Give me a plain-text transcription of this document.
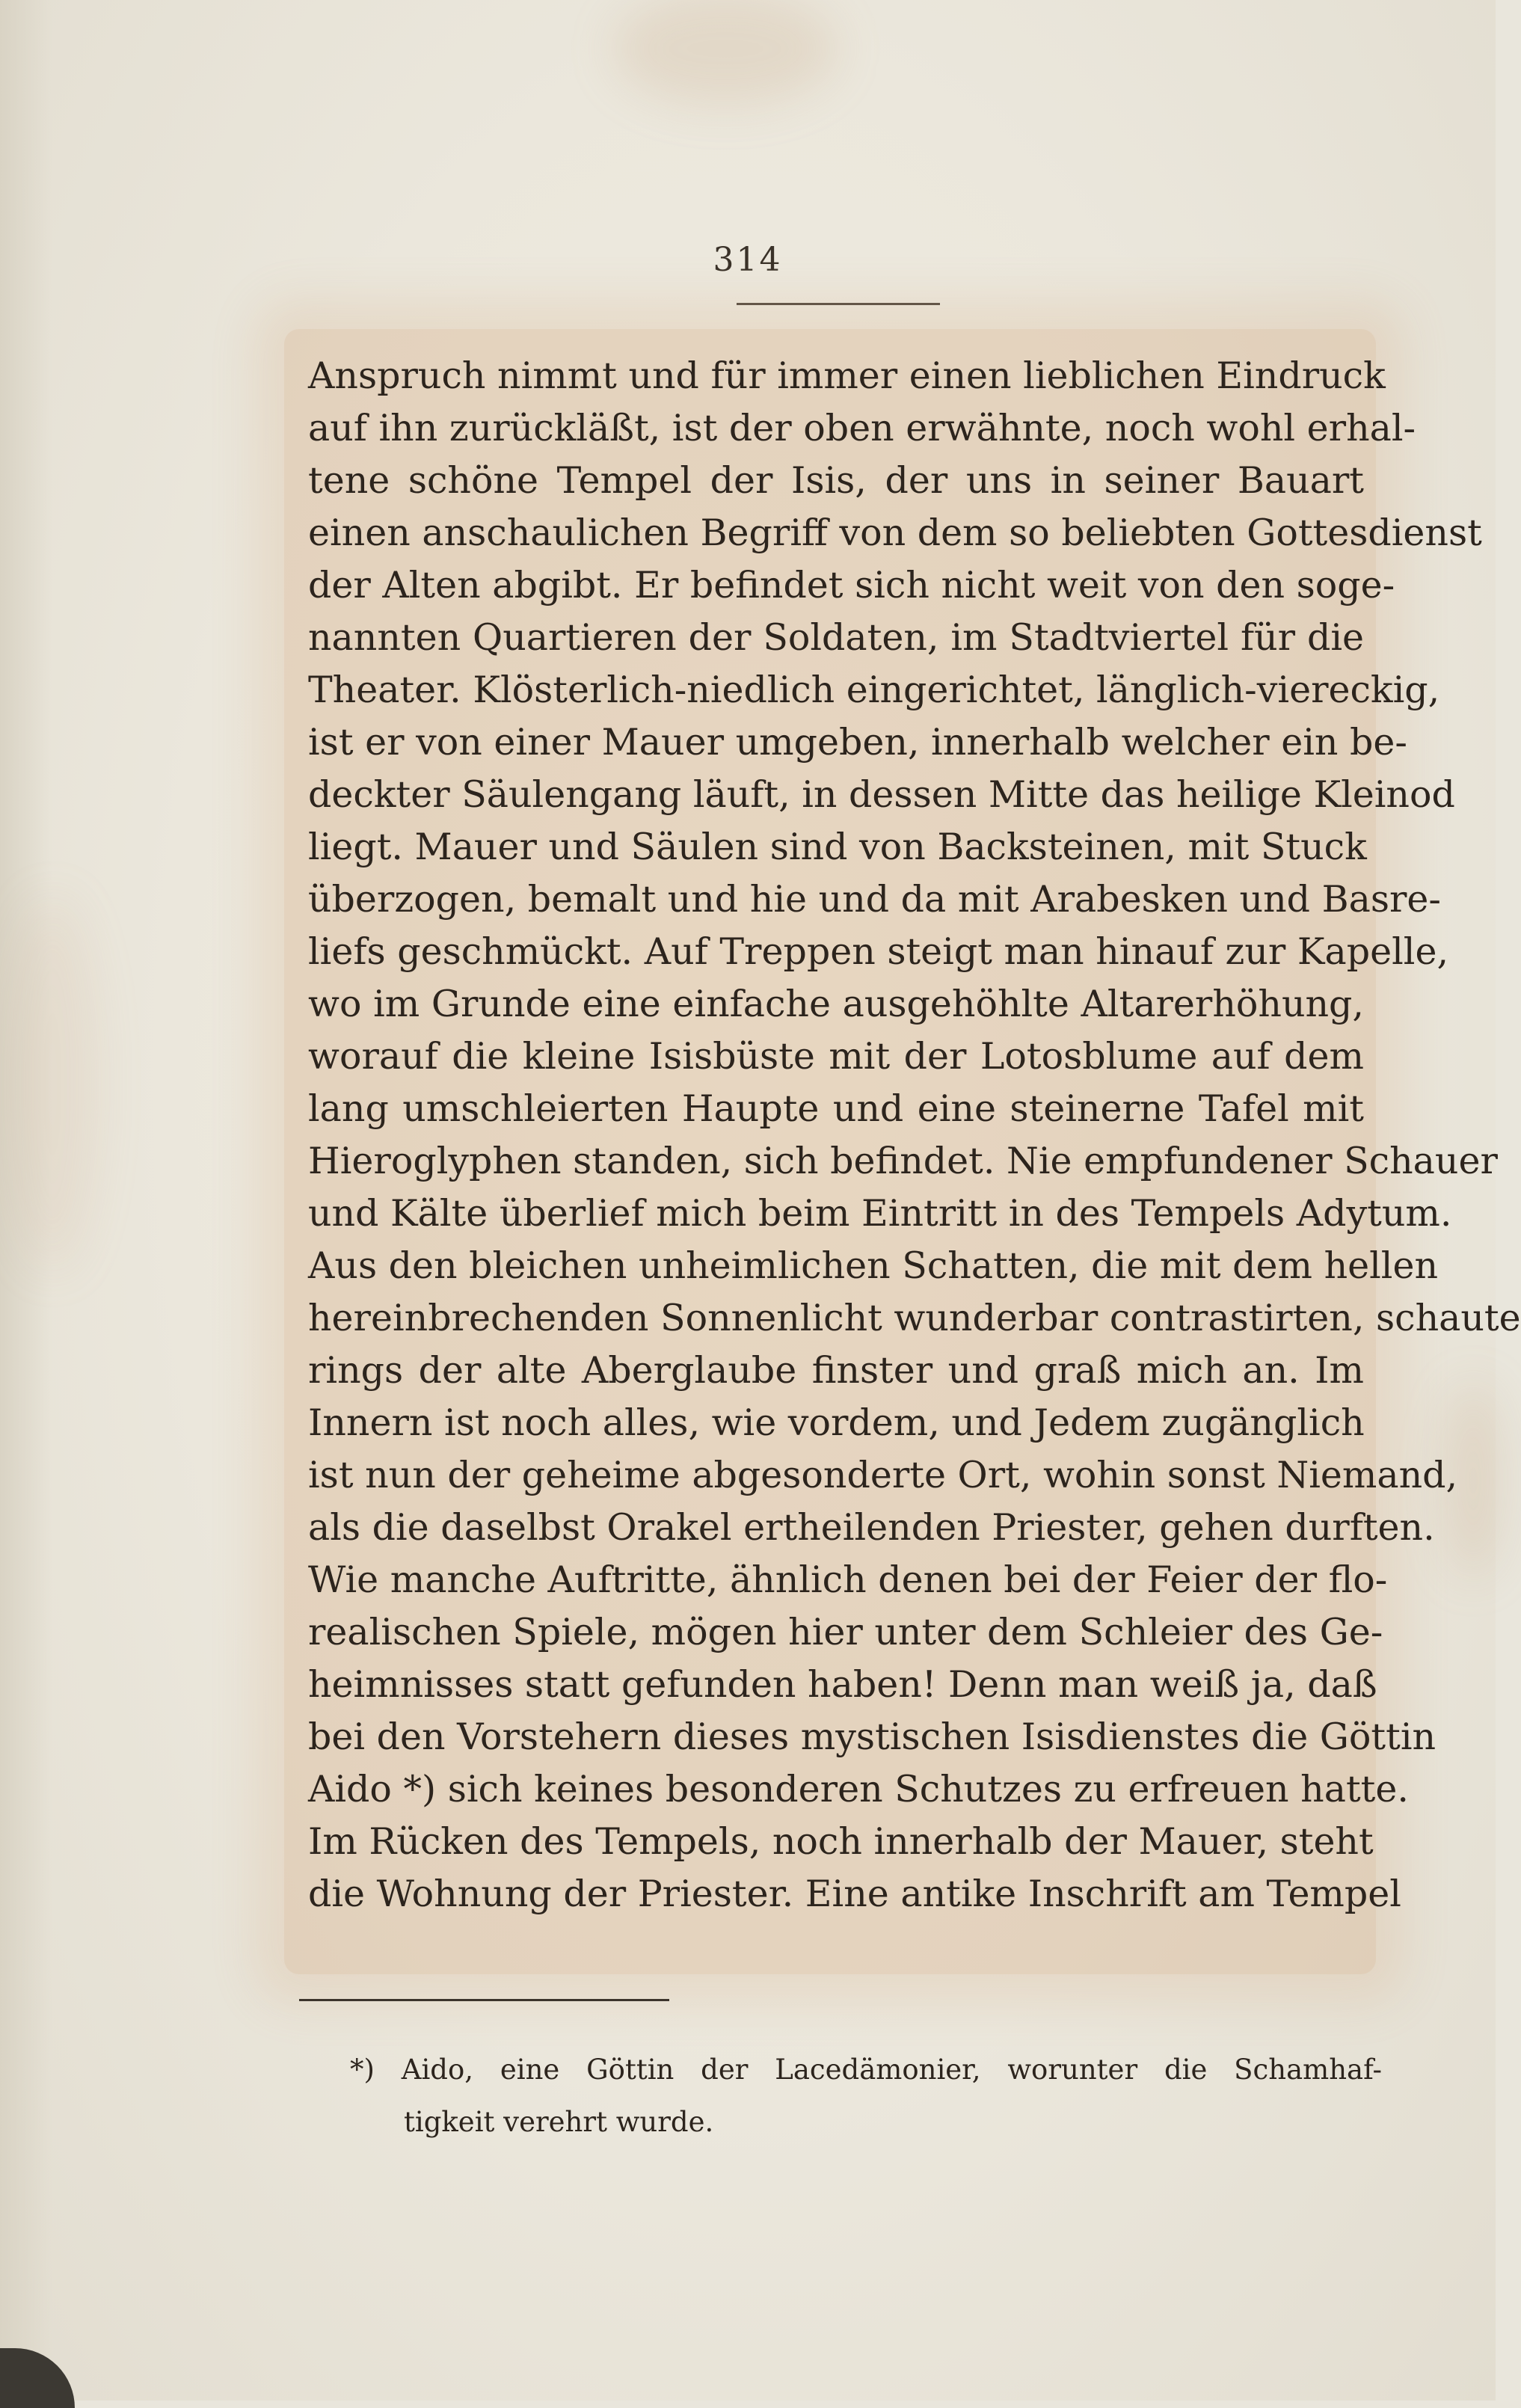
314
Anspruch nimmt und für immer einen lieblichen Eindruck
auf ihn zurückläßt, ist der oben erwähnte, noch wohl erhal-
tene schöne Tempel der Isis, der uns in seiner Bauart
einen anschaulichen Begriff von dem so beliebten Gottesdienst
der Alten abgibt. Er befindet sich nicht weit von den soge-
nannten Quartieren der Soldaten, im Stadtviertel für die
Theater. Klösterlich-niedlich eingerichtet, länglich-viereckig,
ist er von einer Mauer umgeben, innerhalb welcher ein be-
deckter Säulengang läuft, in dessen Mitte das heilige Kleinod
liegt. Mauer und Säulen sind von Backsteinen, mit Stuck
überzogen, bemalt und hie und da mit Arabesken und Basre-
liefs geschmückt. Auf Treppen steigt man hinauf zur Kapelle,
wo im Grunde eine einfache ausgehöhlte Altarerhöhung,
worauf die kleine Isisbüste mit der Lotosblume auf dem
lang umschleierten Haupte und eine steinerne Tafel mit
Hieroglyphen standen, sich befindet. Nie empfundener Schauer
und Kälte überlief mich beim Eintritt in des Tempels Adytum.
Aus den bleichen unheimlichen Schatten, die mit dem hellen
hereinbrechenden Sonnenlicht wunderbar contrastirten, schaute
rings der alte Aberglaube finster und graß mich an. Im
Innern ist noch alles, wie vordem, und Jedem zugänglich
ist nun der geheime abgesonderte Ort, wohin sonst Niemand,
als die daselbst Orakel ertheilenden Priester, gehen durften.
Wie manche Auftritte, ähnlich denen bei der Feier der flo-
realischen Spiele, mögen hier unter dem Schleier des Ge-
heimnisses statt gefunden haben! Denn man weiß ja, daß
bei den Vorstehern dieses mystischen Isisdienstes die Göttin
Aido *) sich keines besonderen Schutzes zu erfreuen hatte.
Im Rücken des Tempels, noch innerhalb der Mauer, steht
die Wohnung der Priester. Eine antike Inschrift am Tempel
*) Aido, eine Göttin der Lacedämonier, worunter die Schamhaf-
tigkeit verehrt wurde.
